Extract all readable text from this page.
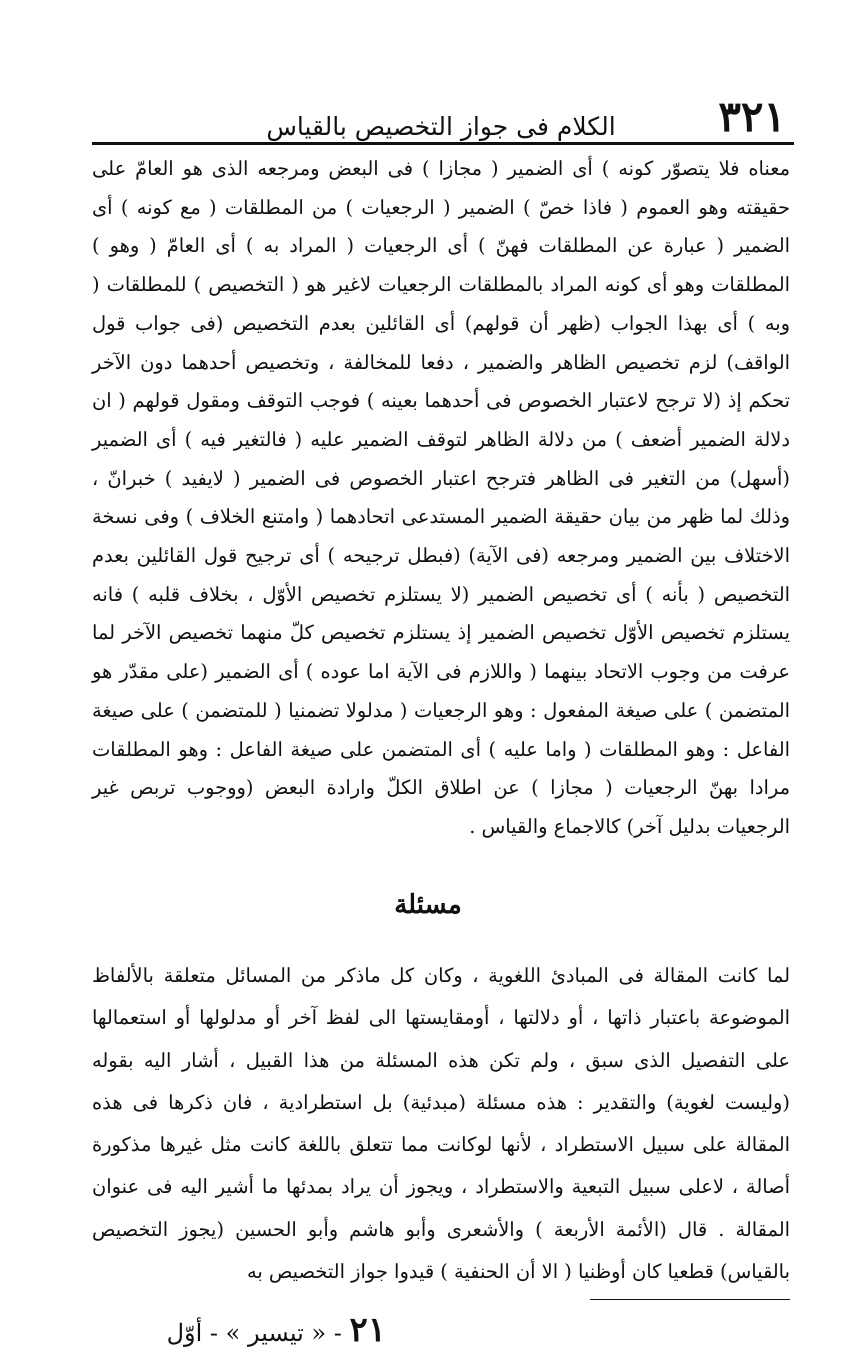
الكلام فى جواز التخصيص بالقياس ٣٢١

معناه فلا يتصوّر كونه ) أى الضمير ( مجازا ) فى البعض ومرجعه الذى هو العامّ على حقيقته وهو العموم ( فاذا خصّ ) الضمير ( الرجعيات ) من المطلقات ( مع كونه ) أى الضمير ( عبارة عن المطلقات فهنّ ) أى الرجعيات ( المراد به ) أى العامّ ( وهو ) المطلقات وهو أى كونه المراد بالمطلقات الرجعيات لاغير هو ( التخصيص ) للمطلقات ( وبه ) أى بهذا الجواب (ظهر أن قولهم) أى القائلين بعدم التخصيص (فى جواب قول الواقف) لزم تخصيص الظاهر والضمير ، دفعا للمخالفة ، وتخصيص أحدهما دون الآخر تحكم إذ (لا ترجح لاعتبار الخصوص فى أحدهما بعينه ) فوجب التوقف ومقول قولهم ( ان دلالة الضمير أضعف ) من دلالة الظاهر لتوقف الضمير عليه ( فالتغير فيه ) أى الضمير (أسهل) من التغير فى الظاهر فترجح اعتبار الخصوص فى الضمير ( لايفيد ) خبرانّ ، وذلك لما ظهر من بيان حقيقة الضمير المستدعى اتحادهما ( وامتنع الخلاف ) وفى نسخة الاختلاف بين الضمير ومرجعه (فى الآية) (فبطل ترجيحه ) أى ترجيح قول القائلين بعدم التخصيص ( بأنه ) أى تخصيص الضمير (لا يستلزم تخصيص الأوّل ، بخلاف قلبه ) فانه يستلزم تخصيص الأوّل تخصيص الضمير إذ يستلزم تخصيص كلّ منهما تخصيص الآخر لما عرفت من وجوب الاتحاد بينهما ( واللازم فى الآية اما عوده ) أى الضمير (على مقدّر هو المتضمن ) على صيغة المفعول : وهو الرجعيات ( مدلولا تضمنيا ( للمتضمن ) على صيغة الفاعل : وهو المطلقات ( واما عليه ) أى المتضمن على صيغة الفاعل : وهو المطلقات مرادا بهنّ الرجعيات ( مجازا ) عن اطلاق الكلّ وارادة البعض (ووجوب تربص غير الرجعيات بدليل آخر) كالاجماع والقياس .

مسئلة

لما كانت المقالة فى المبادئ اللغوية ، وكان كل ماذكر من المسائل متعلقة بالألفاظ الموضوعة باعتبار ذاتها ، أو دلالتها ، أومقايستها الى لفظ آخر أو مدلولها أو استعمالها على التفصيل الذى سبق ، ولم تكن هذه المسئلة من هذا القبيل ، أشار اليه بقوله (وليست لغوية) والتقدير : هذه مسئلة (مبدئية) بل استطرادية ، فان ذكرها فى هذه المقالة على سبيل الاستطراد ، لأنها لوكانت مما تتعلق باللغة كانت مثل غيرها مذكورة أصالة ، لاعلى سبيل التبعية والاستطراد ، ويجوز أن يراد بمدئها ما أشير اليه فى عنوان المقالة . قال (الأئمة الأربعة ) والأشعرى وأبو هاشم وأبو الحسين (يجوز التخصيص بالقياس) قطعيا كان أوظنيا ( الا أن الحنفية ) قيدوا جواز التخصيص به

٢١ - « تيسير » - أوّل
